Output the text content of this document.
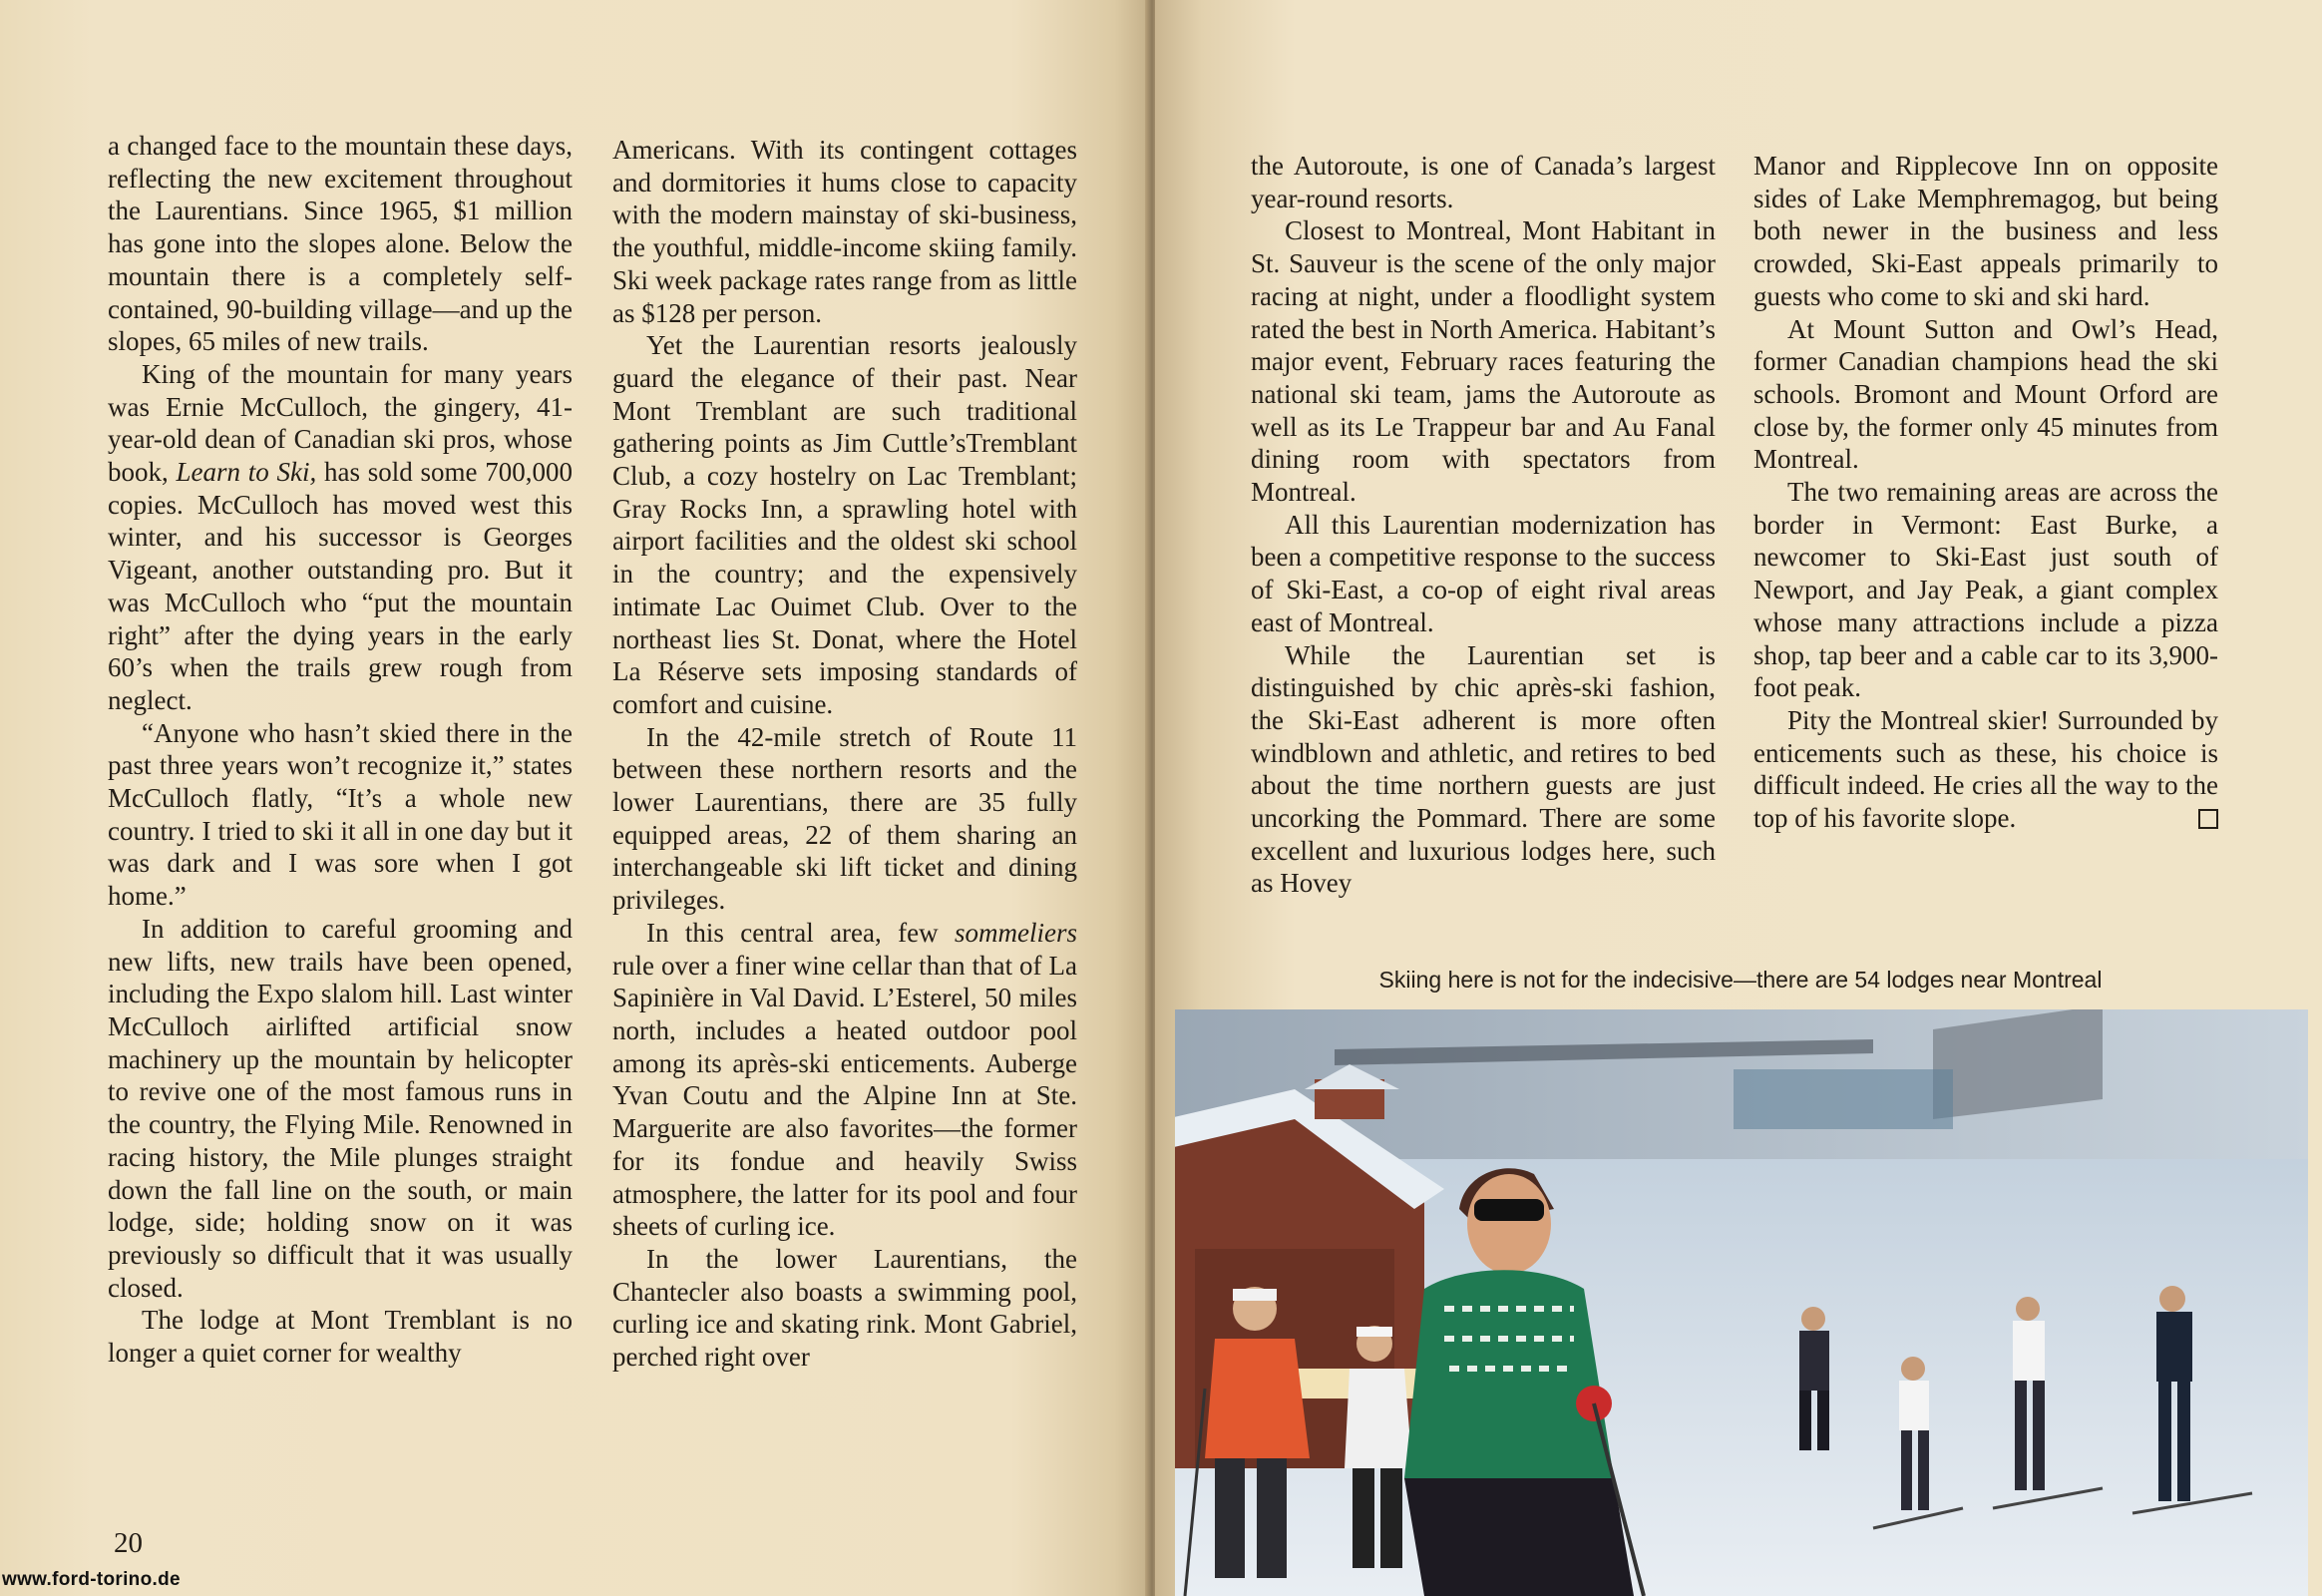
a changed face to the mountain these days, reflecting the new excitement throughout the Laurentians. Since 1965, $1 million has gone into the slopes alone. Below the mountain there is a completely self-contained, 90-building village—and up the slopes, 65 miles of new trails.

King of the mountain for many years was Ernie McCulloch, the gingery, 41-year-old dean of Canadian ski pros, whose book, Learn to Ski, has sold some 700,000 copies. McCulloch has moved west this winter, and his successor is Georges Vigeant, another outstanding pro. But it was McCulloch who “put the mountain right” after the dying years in the early 60’s when the trails grew rough from neglect.

“Anyone who hasn’t skied there in the past three years won’t recognize it,” states McCulloch flatly, “It’s a whole new country. I tried to ski it all in one day but it was dark and I was sore when I got home.”

In addition to careful grooming and new lifts, new trails have been opened, including the Expo slalom hill. Last winter McCulloch airlifted artificial snow machinery up the mountain by helicopter to revive one of the most famous runs in the country, the Flying Mile. Renowned in racing history, the Mile plunges straight down the fall line on the south, or main lodge, side; holding snow on it was previously so difficult that it was usually closed.

The lodge at Mont Tremblant is no longer a quiet corner for wealthy

Americans. With its contingent cottages and dormitories it hums close to capacity with the modern mainstay of ski-business, the youthful, middle-income skiing family. Ski week package rates range from as little as $128 per person.

Yet the Laurentian resorts jealously guard the elegance of their past. Near Mont Tremblant are such traditional gathering points as Jim Cuttle’sTremblant Club, a cozy hostelry on Lac Tremblant; Gray Rocks Inn, a sprawling hotel with airport facilities and the oldest ski school in the country; and the expensively intimate Lac Ouimet Club. Over to the northeast lies St. Donat, where the Hotel La Réserve sets imposing standards of comfort and cuisine.

In the 42-mile stretch of Route 11 between these northern resorts and the lower Laurentians, there are 35 fully equipped areas, 22 of them sharing an interchangeable ski lift ticket and dining privileges.

In this central area, few sommeliers rule over a finer wine cellar than that of La Sapinière in Val David. L’Esterel, 50 miles north, includes a heated outdoor pool among its après-ski enticements. Auberge Yvan Coutu and the Alpine Inn at Ste. Marguerite are also favorites—the former for its fondue and heavily Swiss atmosphere, the latter for its pool and four sheets of curling ice.

In the lower Laurentians, the Chantecler also boasts a swimming pool, curling ice and skating rink. Mont Gabriel, perched right over

20
www.ford-torino.de

the Autoroute, is one of Canada’s largest year-round resorts.

Closest to Montreal, Mont Habitant in St. Sauveur is the scene of the only major racing at night, under a floodlight system rated the best in North America. Habitant’s major event, February races featuring the national ski team, jams the Autoroute as well as its Le Trappeur bar and Au Fanal dining room with spectators from Montreal.

All this Laurentian modernization has been a competitive response to the success of Ski-East, a co-op of eight rival areas east of Montreal.

While the Laurentian set is distinguished by chic après-ski fashion, the Ski-East adherent is more often windblown and athletic, and retires to bed about the time northern guests are just uncorking the Pommard. There are some excellent and luxurious lodges here, such as Hovey

Manor and Ripplecove Inn on opposite sides of Lake Memphremagog, but being both newer in the business and less crowded, Ski-East appeals primarily to guests who come to ski and ski hard.

At Mount Sutton and Owl’s Head, former Canadian champions head the ski schools. Bromont and Mount Orford are close by, the former only 45 minutes from Montreal.

The two remaining areas are across the border in Vermont: East Burke, a newcomer to Ski-East just south of Newport, and Jay Peak, a giant complex whose many attractions include a pizza shop, tap beer and a cable car to its 3,900-foot peak.

Pity the Montreal skier! Surrounded by enticements such as these, his choice is difficult indeed. He cries all the way to the top of his favorite slope.

Skiing here is not for the indecisive—there are 54 lodges near Montreal
